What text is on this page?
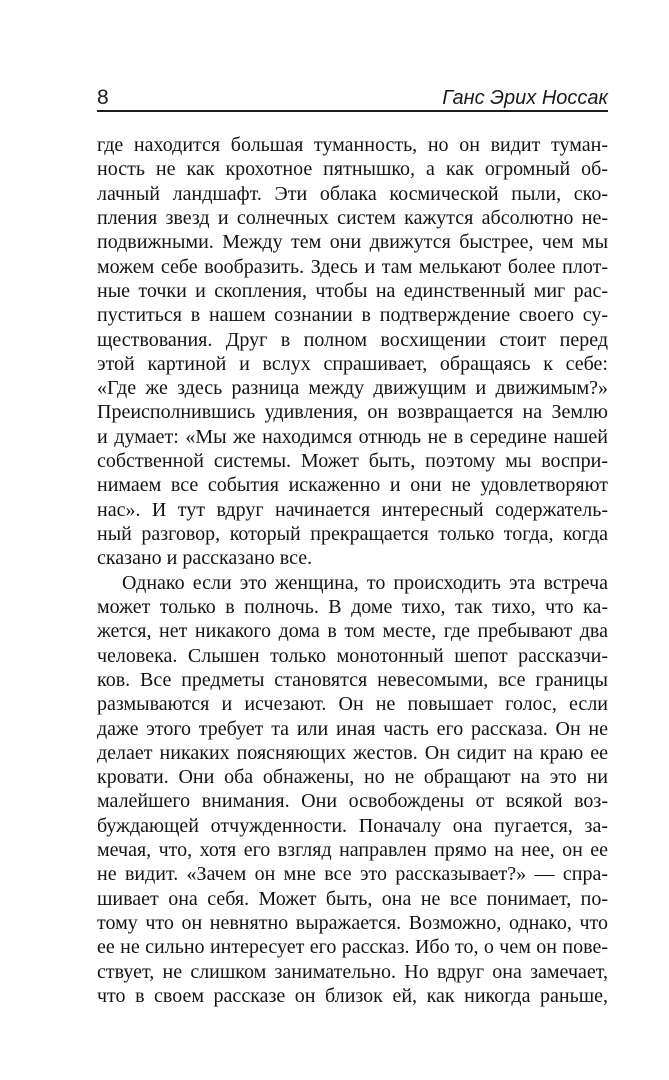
8	Ганс Эрих Носсак
где находится большая туманность, но он видит туман-
ность не как крохотное пятнышко, а как огромный об-
лачный ландшафт. Эти облака космической пыли, ско-
пления звезд и солнечных систем кажутся абсолютно не-
подвижными. Между тем они движутся быстрее, чем мы
можем себе вообразить. Здесь и там мелькают более плот-
ные точки и скопления, чтобы на единственный миг рас-
пуститься в нашем сознании в подтверждение своего су-
ществования. Друг в полном восхищении стоит перед
этой картиной и вслух спрашивает, обращаясь к себе:
«Где же здесь разница между движущим и движимым?»
Преисполнившись удивления, он возвращается на Землю
и думает: «Мы же находимся отнюдь не в середине нашей
собственной системы. Может быть, поэтому мы воспри-
нимаем все события искаженно и они не удовлетворяют
нас». И тут вдруг начинается интересный содержатель-
ный разговор, который прекращается только тогда, когда
сказано и рассказано все.
Однако если это женщина, то происходить эта встреча
может только в полночь. В доме тихо, так тихо, что ка-
жется, нет никакого дома в том месте, где пребывают два
человека. Слышен только монотонный шепот рассказчи-
ков. Все предметы становятся невесомыми, все границы
размываются и исчезают. Он не повышает голос, если
даже этого требует та или иная часть его рассказа. Он не
делает никаких поясняющих жестов. Он сидит на краю ее
кровати. Они оба обнажены, но не обращают на это ни
малейшего внимания. Они освобождены от всякой воз-
буждающей отчужденности. Поначалу она пугается, за-
мечая, что, хотя его взгляд направлен прямо на нее, он ее
не видит. «Зачем он мне все это рассказывает?» — спра-
шивает она себя. Может быть, она не все понимает, по-
тому что он невнятно выражается. Возможно, однако, что
ее не сильно интересует его рассказ. Ибо то, о чем он пове-
ствует, не слишком занимательно. Но вдруг она замечает,
что в своем рассказе он близок ей, как никогда раньше,
